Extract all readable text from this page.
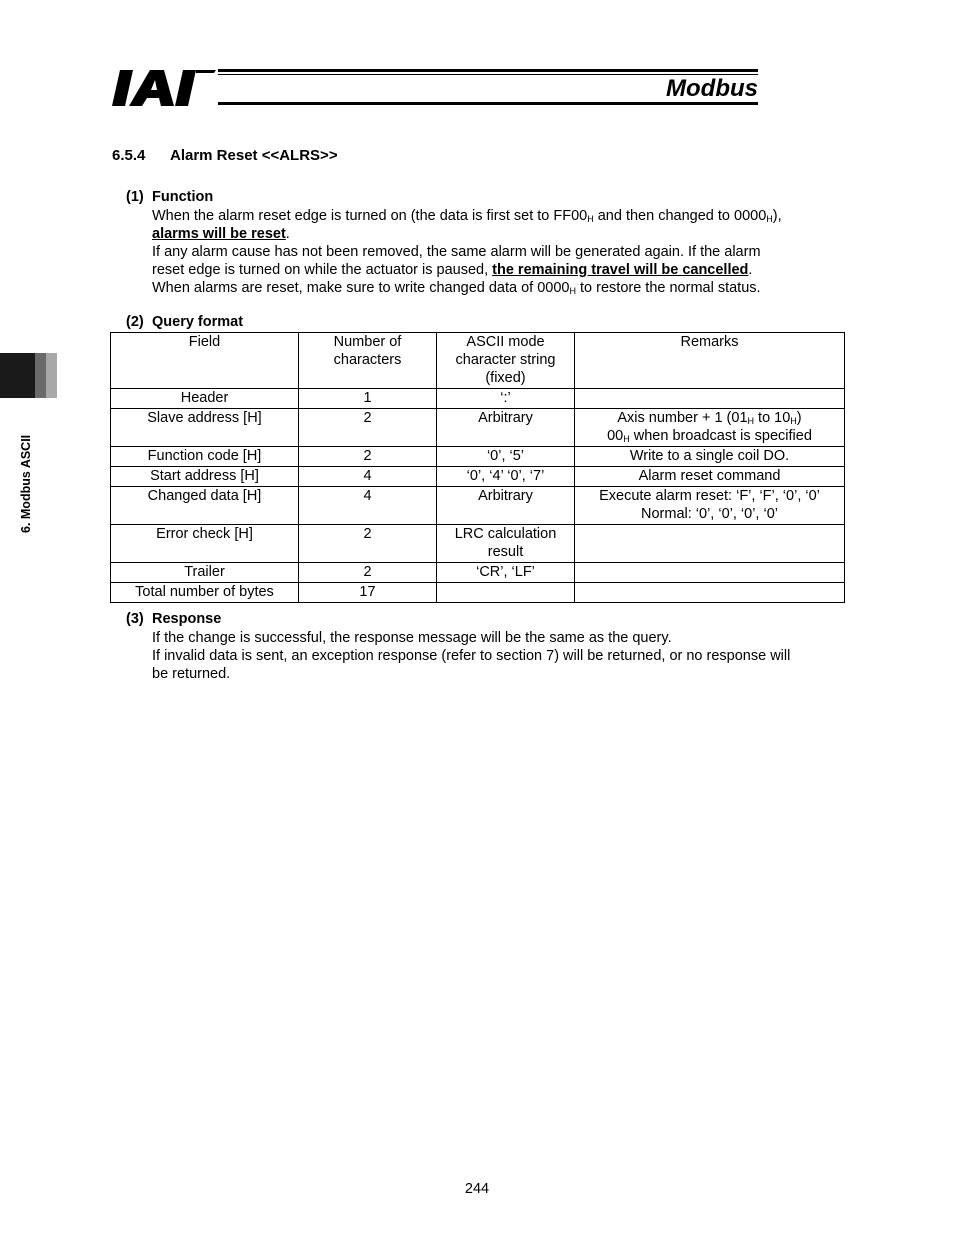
Modbus
6. Modbus ASCII
6.5.4 Alarm Reset <<ALRS>>
(1) Function
When the alarm reset edge is turned on (the data is first set to $FF00_H$ and then changed to $0000_H$),
alarms will be reset.
If any alarm cause has not been removed, the same alarm will be generated again. If the alarm
reset edge is turned on while the actuator is paused, the remaining travel will be cancelled.
When alarms are reset, make sure to write changed data of $0000_H$ to restore the normal status.
(2) Query format
Field	Number of characters	ASCII mode character string (fixed)	Remarks
Header	1	‘:’	
Slave address [H]	2	Arbitrary	Axis number + 1 ($01_H$ to $10_H$)
$00_H$ when broadcast is specified

Function code [H]	2	‘0’, ‘5’	Write to a single coil DO.
Start address [H]	4	‘0’, ‘4’ ‘0’, ‘7’	Alarm reset command
Changed data [H]	4	Arbitrary	Execute alarm reset: ‘F’, ‘F’, ‘0’, ‘0’
Normal: ‘0’, ‘0’, ‘0’, ‘0’

Error check [H]	2	LRC calculation
result	

Trailer	2	‘CR’, ‘LF’	
Total number of bytes	17		
(3) Response
If the change is successful, the response message will be the same as the query.
If invalid data is sent, an exception response (refer to section 7) will be returned, or no response will
be returned.
244
